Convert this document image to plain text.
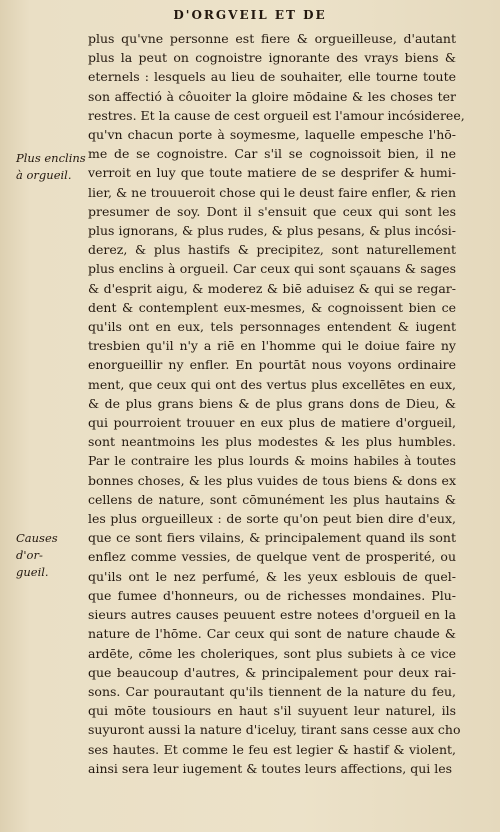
D'ORGVEIL ET DE
plus qu'vne personne est fiere & orgueilleuse, d'autant
plus la peut on cognoistre ignorante des vrays biens &
eternels : lesquels au lieu de souhaiter, elle tourne toute
son affectió à côuoiter la gloire mōdaine & les choses ter
restres. Et la cause de cest orgueil est l'amour incósideree,
qu'vn chacun porte à soymesme, laquelle empesche l'hō-
me de se cognoistre. Car s'il se cognoissoit bien, il ne
verroit en luy que toute matiere de se desprifer & humi-
lier, & ne trouueroit chose qui le deust faire enfler, & rien
presumer de soy. Dont il s'ensuit que ceux qui sont les
plus ignorans, & plus rudes, & plus pesans, & plus incósi-
derez, & plus hastifs & precipitez, sont naturellement
plus enclins à orgueil. Car ceux qui sont sçauans & sages
& d'esprit aigu, & moderez & biē aduisez & qui se regar-
dent & contemplent eux-mesmes, & cognoissent bien ce
qu'ils ont en eux, tels personnages entendent & iugent
tresbien qu'il n'y a riē en l'homme qui le doiue faire ny
enorgueillir ny enfler. En pourtāt nous voyons ordinaire
ment, que ceux qui ont des vertus plus excellētes en eux,
& de plus grans biens & de plus grans dons de Dieu, &
qui pourroient trouuer en eux plus de matiere d'orgueil,
sont neantmoins les plus modestes & les plus humbles.
Par le contraire les plus lourds & moins habiles à toutes
bonnes choses, & les plus vuides de tous biens & dons ex
cellens de nature, sont cōmunément les plus hautains &
les plus orgueilleux : de sorte qu'on peut bien dire d'eux,
que ce sont fiers vilains, & principalement quand ils sont
enflez comme vessies, de quelque vent de prosperité, ou
qu'ils ont le nez perfumé, & les yeux esblouis de quel-
que fumee d'honneurs, ou de richesses mondaines. Plu-
sieurs autres causes peuuent estre notees d'orgueil en la
nature de l'hōme. Car ceux qui sont de nature chaude &
ardēte, cōme les choleriques, sont plus subiets à ce vice
que beaucoup d'autres, & principalement pour deux rai-
sons. Car pourautant qu'ils tiennent de la nature du feu,
qui mōte tousiours en haut s'il suyuent leur naturel, ils
suyuront aussi la nature d'iceluy, tirant sans cesse aux cho
ses hautes. Et comme le feu est legier & hastif & violent,
ainsi sera leur iugement & toutes leurs affections, qui les
Plus enclins
à orgueil.
Causes d'or-
gueil.
